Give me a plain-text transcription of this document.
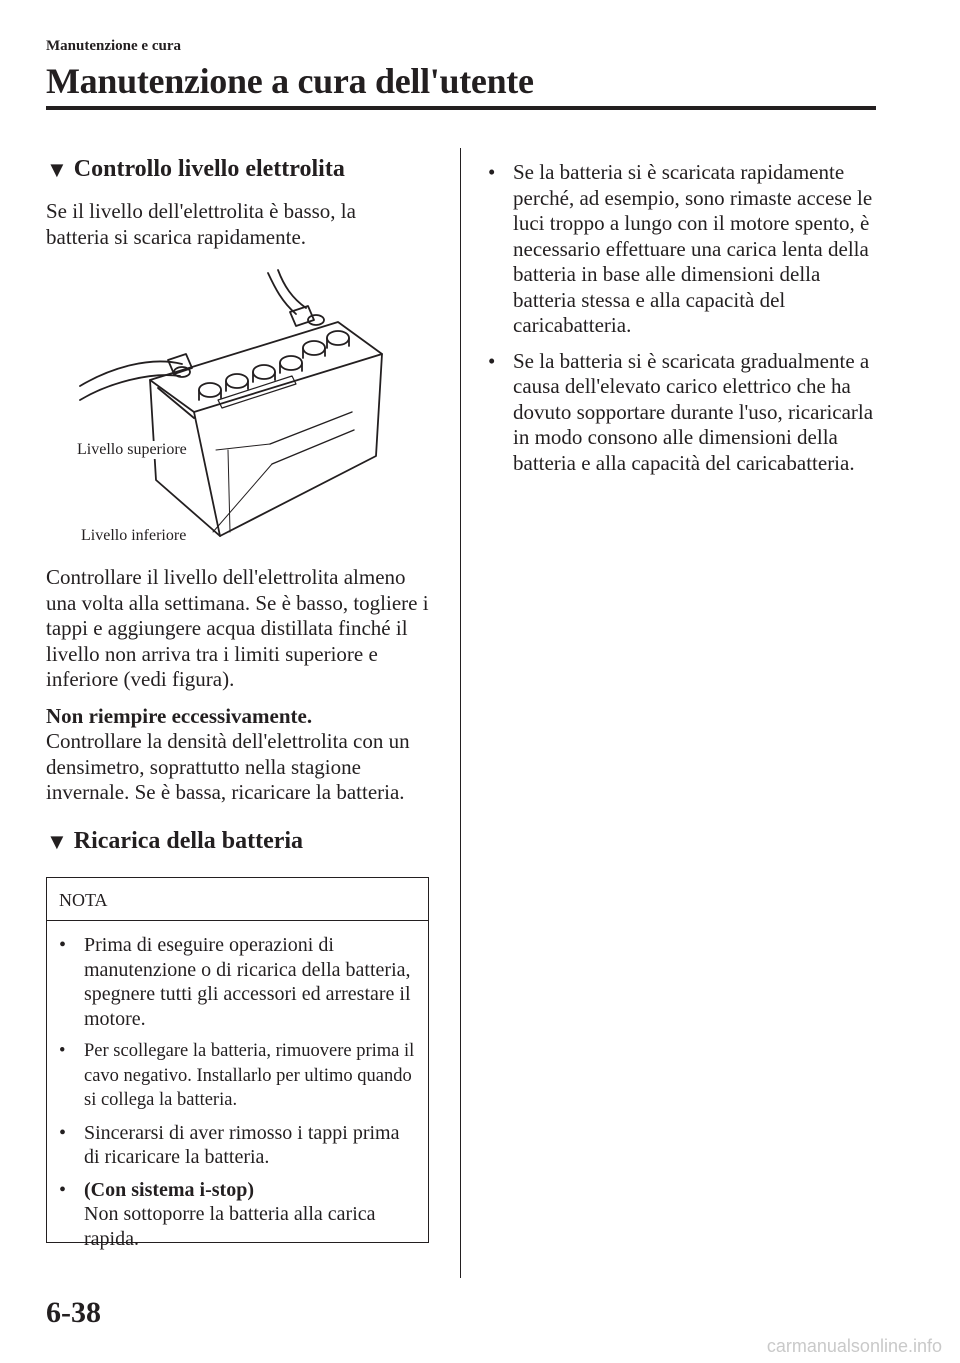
Manutenzione e cura
Manutenzione a cura dell'utente
▼ Controllo livello elettrolita
Se il livello dell'elettrolita è basso, la batteria si scarica rapidamente.
Livello superiore
Livello inferiore
Controllare il livello dell'elettrolita almeno una volta alla settimana. Se è basso, togliere i tappi e aggiungere acqua distillata finché il livello non arriva tra i limiti superiore e inferiore (vedi figura).
Non riempire eccessivamente.
Controllare la densità dell'elettrolita con un densimetro, soprattutto nella stagione invernale. Se è bassa, ricaricare la batteria.
▼ Ricarica della batteria
NOTA
• Prima di eseguire operazioni di manutenzione o di ricarica della batteria, spegnere tutti gli accessori ed arrestare il motore.
• Per scollegare la batteria, rimuovere prima il cavo negativo. Installarlo per ultimo quando si collega la batteria.
• Sincerarsi di aver rimosso i tappi prima di ricaricare la batteria.
• (Con sistema i-stop)
Non sottoporre la batteria alla carica rapida.
• Se la batteria si è scaricata rapidamente perché, ad esempio, sono rimaste accese le luci troppo a lungo con il motore spento, è necessario effettuare una carica lenta della batteria in base alle dimensioni della batteria stessa e alla capacità del caricabatteria.
• Se la batteria si è scaricata gradualmente a causa dell'elevato carico elettrico che ha dovuto sopportare durante l'uso, ricaricarla in modo consono alle dimensioni della batteria e alla capacità del caricabatteria.
6-38
carmanualsonline.info
